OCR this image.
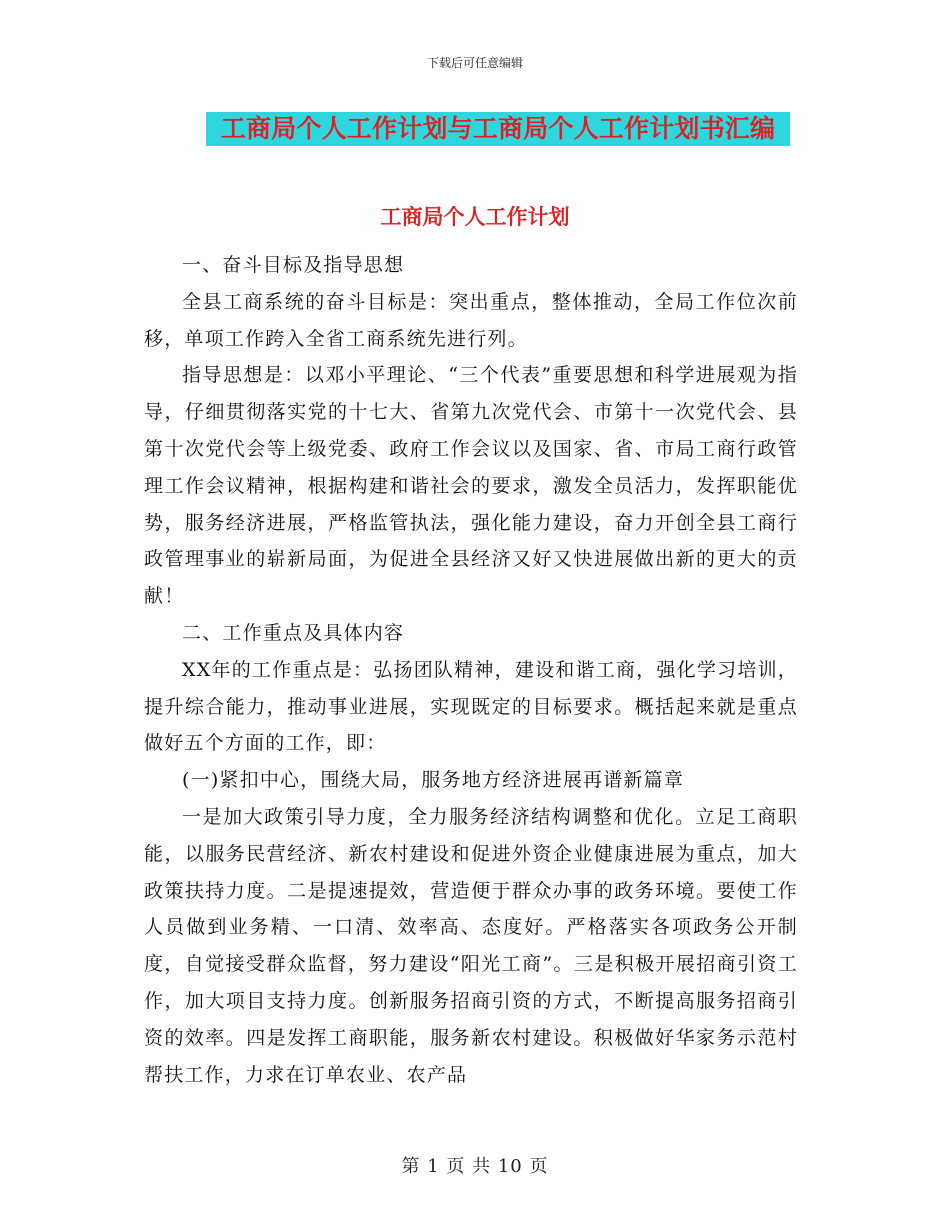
下载后可任意编辑
工商局个人工作计划与工商局个人工作计划书汇编
工商局个人工作计划

一、奋斗目标及指导思想

全县工商系统的奋斗目标是：突出重点，整体推动，全局工作位次前移，单项工作跨入全省工商系统先进行列。

指导思想是：以邓小平理论、“三个代表”重要思想和科学进展观为指导，仔细贯彻落实党的十七大、省第九次党代会、市第十一次党代会、县第十次党代会等上级党委、政府工作会议以及国家、省、市局工商行政管理工作会议精神，根据构建和谐社会的要求，激发全员活力，发挥职能优势，服务经济进展，严格监管执法，强化能力建设，奋力开创全县工商行政管理事业的崭新局面，为促进全县经济又好又快进展做出新的更大的贡献！

二、工作重点及具体内容

XX年的工作重点是：弘扬团队精神，建设和谐工商，强化学习培训，提升综合能力，推动事业进展，实现既定的目标要求。概括起来就是重点做好五个方面的工作，即：

(一)紧扣中心，围绕大局，服务地方经济进展再谱新篇章

一是加大政策引导力度，全力服务经济结构调整和优化。立足工商职能，以服务民营经济、新农村建设和促进外资企业健康进展为重点，加大政策扶持力度。二是提速提效，营造便于群众办事的政务环境。要使工作人员做到业务精、一口清、效率高、态度好。严格落实各项政务公开制度，自觉接受群众监督，努力建设“阳光工商”。三是积极开展招商引资工作，加大项目支持力度。创新服务招商引资的方式，不断提高服务招商引资的效率。四是发挥工商职能，服务新农村建设。积极做好华家务示范村帮扶工作，力求在订单农业、农产品

第 1 页 共 10 页
